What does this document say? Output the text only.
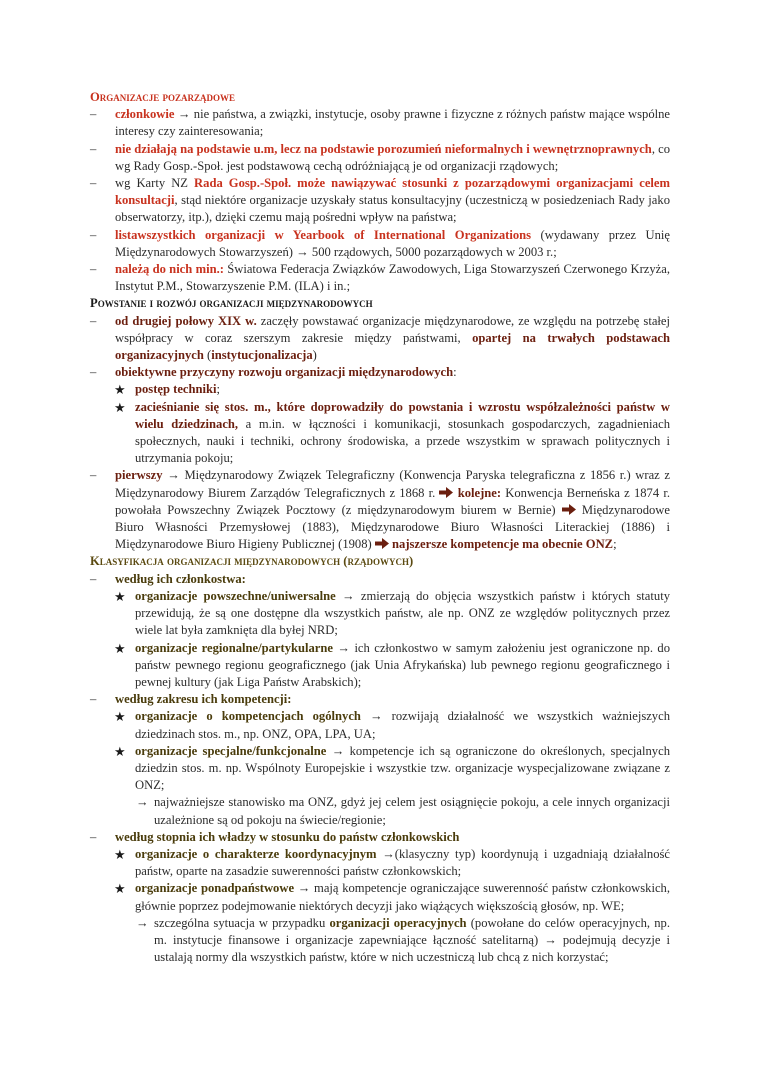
Organizacje pozarządowe
– członkowie → nie państwa, a związki, instytucje, osoby prawne i fizyczne z różnych państw mające wspólne interesy czy zainteresowania;
– nie działają na podstawie u.m, lecz na podstawie porozumień nieformalnych i wewnętrznoprawnych, co wg Rady Gosp.-Społ. jest podstawową cechą odróżniającą je od organizacji rządowych;
– wg Karty NZ Rada Gosp.-Społ. może nawiązywać stosunki z pozarządowymi organizacjami celem konsultacji, stąd niektóre organizacje uzyskały status konsultacyjny (uczestniczą w posiedzeniach Rady jako obserwatorzy, itp.), dzięki czemu mają pośredni wpływ na państwa;
– listawszystkich organizacji w Yearbook of International Organizations (wydawany przez Unię Międzynarodowych Stowarzyszeń) → 500 rządowych, 5000 pozarządowych w 2003 r.;
– należą do nich min.: Światowa Federacja Związków Zawodowych, Liga Stowarzyszeń Czerwonego Krzyża, Instytut P.M., Stowarzyszenie P.M. (ILA) i in.;
Powstanie i rozwój organizacji międzynarodowych
– od drugiej połowy XIX w. zaczęły powstawać organizacje międzynarodowe, ze względu na potrzebę stałej współpracy w coraz szerszym zakresie między państwami, opartej na trwałych podstawach organizacyjnych (instytucjonalizacja)
– obiektywne przyczyny rozwoju organizacji międzynarodowych:
★ postęp techniki;
★ zacieśnianie się stos. m., które doprowadziły do powstania i wzrostu współzależności państw w wielu dziedzinach, a m.in. w łączności i komunikacji, stosunkach gospodarczych, zagadnieniach społecznych, nauki i techniki, ochrony środowiska, a przede wszystkim w sprawach politycznych i utrzymania pokoju;
– pierwszy → Międzynarodowy Związek Telegraficzny (Konwencja Paryska telegraficzna z 1856 r.) wraz z Międzynarodowy Biurem Zarządów Telegraficznych z 1868 r.  kolejne: Konwencja Berneńska z 1874 r. powołała Powszechny Związek Pocztowy (z międzynarodowym biurem w Bernie)  Międzynarodowe Biuro Własności Przemysłowej (1883), Międzynarodowe Biuro Własności Literackiej (1886) i Międzynarodowe Biuro Higieny Publicznej (1908)  najszersze kompetencje ma obecnie ONZ;
Klasyfikacja organizacji międzynarodowych (rządowych)
– według ich członkostwa:
★ organizacje powszechne/uniwersalne → zmierzają do objęcia wszystkich państw i których statuty przewidują, że są one dostępne dla wszystkich państw, ale np. ONZ ze względów politycznych przez wiele lat była zamknięta dla byłej NRD;
★ organizacje regionalne/partykularne → ich członkostwo w samym założeniu jest ograniczone np. do państw pewnego regionu geograficznego (jak Unia Afrykańska) lub pewnego regionu geograficznego i pewnej kultury (jak Liga Państw Arabskich);
– według zakresu ich kompetencji:
★ organizacje o kompetencjach ogólnych → rozwijają działalność we wszystkich ważniejszych dziedzinach stos. m., np. ONZ, OPA, LPA, UA;
★ organizacje specjalne/funkcjonalne → kompetencje ich są ograniczone do określonych, specjalnych dziedzin stos. m. np. Wspólnoty Europejskie i wszystkie tzw. organizacje wyspecjalizowane związane z ONZ;
→ najważniejsze stanowisko ma ONZ, gdyż jej celem jest osiągnięcie pokoju, a cele innych organizacji uzależnione są od pokoju na świecie/regionie;
– według stopnia ich władzy w stosunku do państw członkowskich
★ organizacje o charakterze koordynacyjnym →(klasyczny typ) koordynują i uzgadniają działalność państw, oparte na zasadzie suwerenności państw członkowskich;
★ organizacje ponadpaństwowe → mają kompetencje ograniczające suwerenność państw członkowskich, głównie poprzez podejmowanie niektórych decyzji jako wiążących większością głosów, np. WE;
→ szczególna sytuacja w przypadku organizacji operacyjnych (powołane do celów operacyjnych, np. m. instytucje finansowe i organizacje zapewniające łączność satelitarną) → podejmują decyzje i ustalają normy dla wszystkich państw, które w nich uczestniczą lub chcą z nich korzystać;
